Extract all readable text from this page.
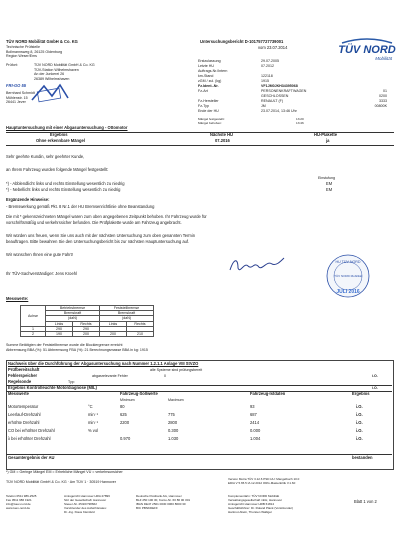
TÜV NORD Mobilität GmbH & Co. KG
Technische Prüfstelle
Bollmannsweg 8, 26125 Oldenburg
Region Weser/Ems
Untersuchungsbericht D-101757727739001
vom 23.07.2014	TÜV NORD
Mobilität
Prüfort:	TÜV NORD Mobilität GmbH & Co. KG
TÜV-Station Wilhelmshaven
An der Junkerei 26
26389 Wilhelmshaven
FRI-GO 55
Bernhard Schmidt
Mühlenstr. 15
26441 Jever
Erstzulassung	29.07.2005
Letzte HU	07.2012
Auftrags-Nr./Intern
km-Stand	122118
zGM / zul. (kg)	1915
Fz.Ident.-Nr.	VF1JM0JKH34395068
Fz-Art	PERSONENKRAFTWAGEN
GESCHLOSSEN
Fz-Hersteller	RENAULT (F)
Fz-Typ	JM
Ende der HU	23.07.2014, 13:46 Uhr
01
0200
3333
00800K
Mängel festgestellt:	13:20
Mängel behoben:	13:46
Hauptuntersuchung mit einer Abgasuntersuchung - Ottomotor
Ergebnis	Nächste HU	HU-Plakette
Ohne erkennbare Mängel	07.2016	ja
Sehr geehrte Kundin, sehr geehrter Kunde,
an Ihrem Fahrzeug wurden folgende Mängel festgestellt:
Einstufung
*) - Abblendlicht links und rechts Einstellung wesentlich zu niedrig	EM
*) - Nebellicht links und rechts Einstellung wesentlich zu niedrig	EM
Ergänzende Hinweise:
- Bremswerkung gemäß Pkt. 8 Nr.1 der HU Bremsenrichtlinie ohne Beanstandung
Die mit * gekennzeichneten Mängel waren zum oben angegebenen Zeitpunkt behoben. Ihr Fahrzeug wurde für
vorschriftsmäßig und verkehrssicher befunden. Die Prüfplakette wurde am Fahrzeug angebracht.
Wir würden uns freuen, wenn Sie uns auch mit der nächsten Untersuchung zum oben genannten Termin
beauftragen. Bitte bewahren Sie den Untersuchungsbericht bis zur nächsten Hauptuntersuchung auf.
Wir wünschen Ihnen eine gute Fahrt!
Ihr TÜV-Sachverständiger: Jens Kroehl
HU TÜV NORD
TÜV NORD Mobilität
JULI 2016
Messwerte:
Achse	Betriebsbremse		Feststellbremse	
	Bremskraft		Bremskraft	
	(daN)		(daN)	
	Links	Rechts	Links	Rechts
1	290	290		
2	190	200	200	210
Summe Betätigten der Feststellbremse wurde die Blockiergrenze erreicht
Abbremsung BBA (%): 51 Abbremsung FBA (%): 21 Berechnungsmasse BBA in kg: 1915
Nachweis über die Durchführung der Abgasuntersuchung nach Nummer 1.2.1.1 Anlage VIII StVZO
Prüfbereitschaft	alle Systeme sind prüfungsbereit
Fehlerspeicher	abgasrelevante Fehler	0	i.O.
Regelsonde	Typ:
Ergebnis Kontrolleuchte Motordiagnose (MIL)	i.O.
Messwerte	Fahrzeug-Sollwerte	Fahrzeug-Istdaten	Ergebnis
Minimum	Maximum
Motortemperatur	°C	80	93	i.O.
Leerlauf-Drehzahl	min⁻¹	625	775	687	i.O.
erhöhte Drehzahl	min⁻¹	2200	2800	2414	i.O.
CO bei erhöhter Drehzahl	% vol	0.300	0.000	i.O.
λ bei erhöhter Drehzahl	0.970	1.030	1.004	i.O.
Gesamtergebnis der AU	bestanden
*) GM = Geringe Mängel EM = Erhebliche Mängel VU = verkehrsunsicher
TÜV NORD Mobilität GmbH & Co. KG · Am TÜV 1 · 30519 Hannover
Version Motra TÜV 3.12.6 PSD HU: Mangelbuch 10.0
EDIA V 5.65.5 IA 12.2012 ORG-Masterkritik V.1.60
Telefon 0511 986-2525
Fax 0511 986 1921
info@tuev-nord.de
www.tuev-nord.de
Amtsgericht Hannover HRA 27896
Sitz der Gesellschaft: Hannover
Steuer-Nr. 25/207/38662
Vorsitzender des Aufsichtsrates:
Dr.-Ing. Klaus Kleinfeld
Deutsche Postbank AG, Hannover
BLZ 250 100 30, Konto-Nr. 60 86 00 301
IBAN DE47 2501 0030 0060 8600 30
BIC PBNKDEFF
Komplementärin: TÜV NORD Mobilität
Verwaltungsgesellschaft mbH, Hannover
Amtsgericht Hannover HRB 61814
Geschäftsführer: Dr. Roland Plank (Vorsitzender)
Hartmut Abeln, Thorsten Walliger
Blatt 1 von 2
